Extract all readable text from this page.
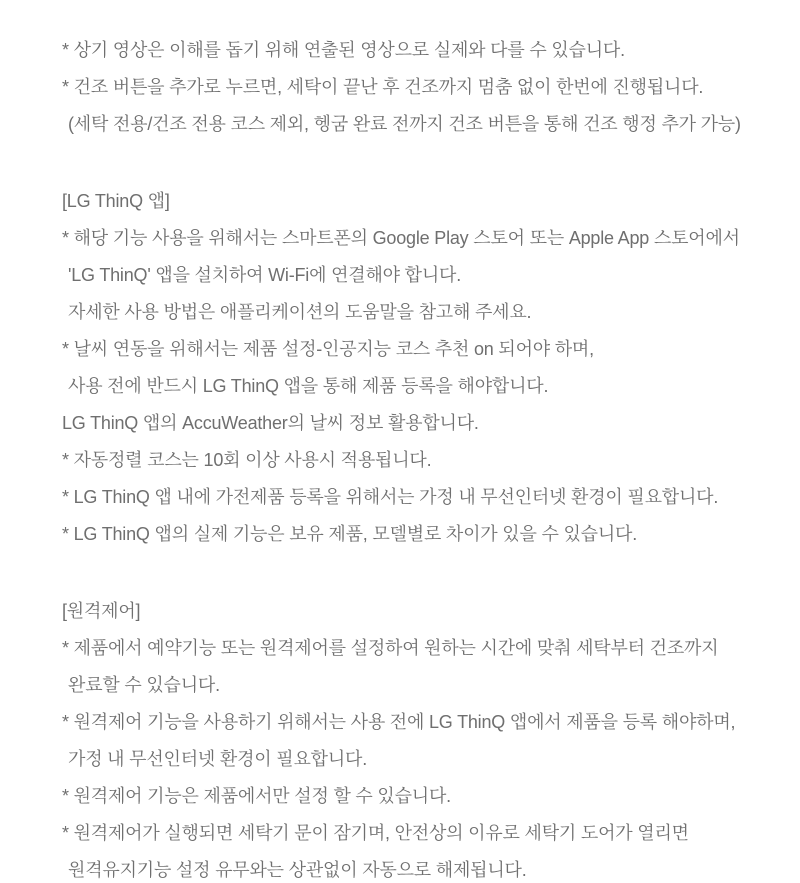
* 상기 영상은 이해를 돕기 위해 연출된 영상으로 실제와 다를 수 있습니다.
* 건조 버튼을 추가로 누르면, 세탁이 끝난 후 건조까지 멈춤 없이 한번에 진행됩니다.
(세탁 전용/건조 전용 코스 제외, 헹굼 완료 전까지 건조 버튼을 통해 건조 행정 추가 가능)
[LG ThinQ 앱]
* 해당 기능 사용을 위해서는 스마트폰의 Google Play 스토어 또는 Apple App 스토어에서
'LG ThinQ' 앱을 설치하여 Wi-Fi에 연결해야 합니다.
자세한 사용 방법은 애플리케이션의 도움말을 참고해 주세요.
* 날씨 연동을 위해서는 제품 설정-인공지능 코스 추천 on 되어야 하며,
사용 전에 반드시 LG ThinQ 앱을 통해 제품 등록을 해야합니다.
LG ThinQ 앱의 AccuWeather의 날씨 정보 활용합니다.
* 자동정렬 코스는 10회 이상 사용시 적용됩니다.
* LG ThinQ 앱 내에 가전제품 등록을 위해서는 가정 내 무선인터넷 환경이 필요합니다.
* LG ThinQ 앱의 실제 기능은 보유 제품, 모델별로 차이가 있을 수 있습니다.
[원격제어]
* 제품에서 예약기능 또는 원격제어를 설정하여 원하는 시간에 맞춰 세탁부터 건조까지
완료할 수 있습니다.
* 원격제어 기능을 사용하기 위해서는 사용 전에 LG ThinQ 앱에서 제품을 등록 해야하며,
가정 내 무선인터넷 환경이 필요합니다.
* 원격제어 기능은 제품에서만 설정 할 수 있습니다.
* 원격제어가 실행되면 세탁기 문이 잠기며, 안전상의 이유로 세탁기 도어가 열리면
원격유지기능 설정 유무와는 상관없이 자동으로 해제됩니다.
